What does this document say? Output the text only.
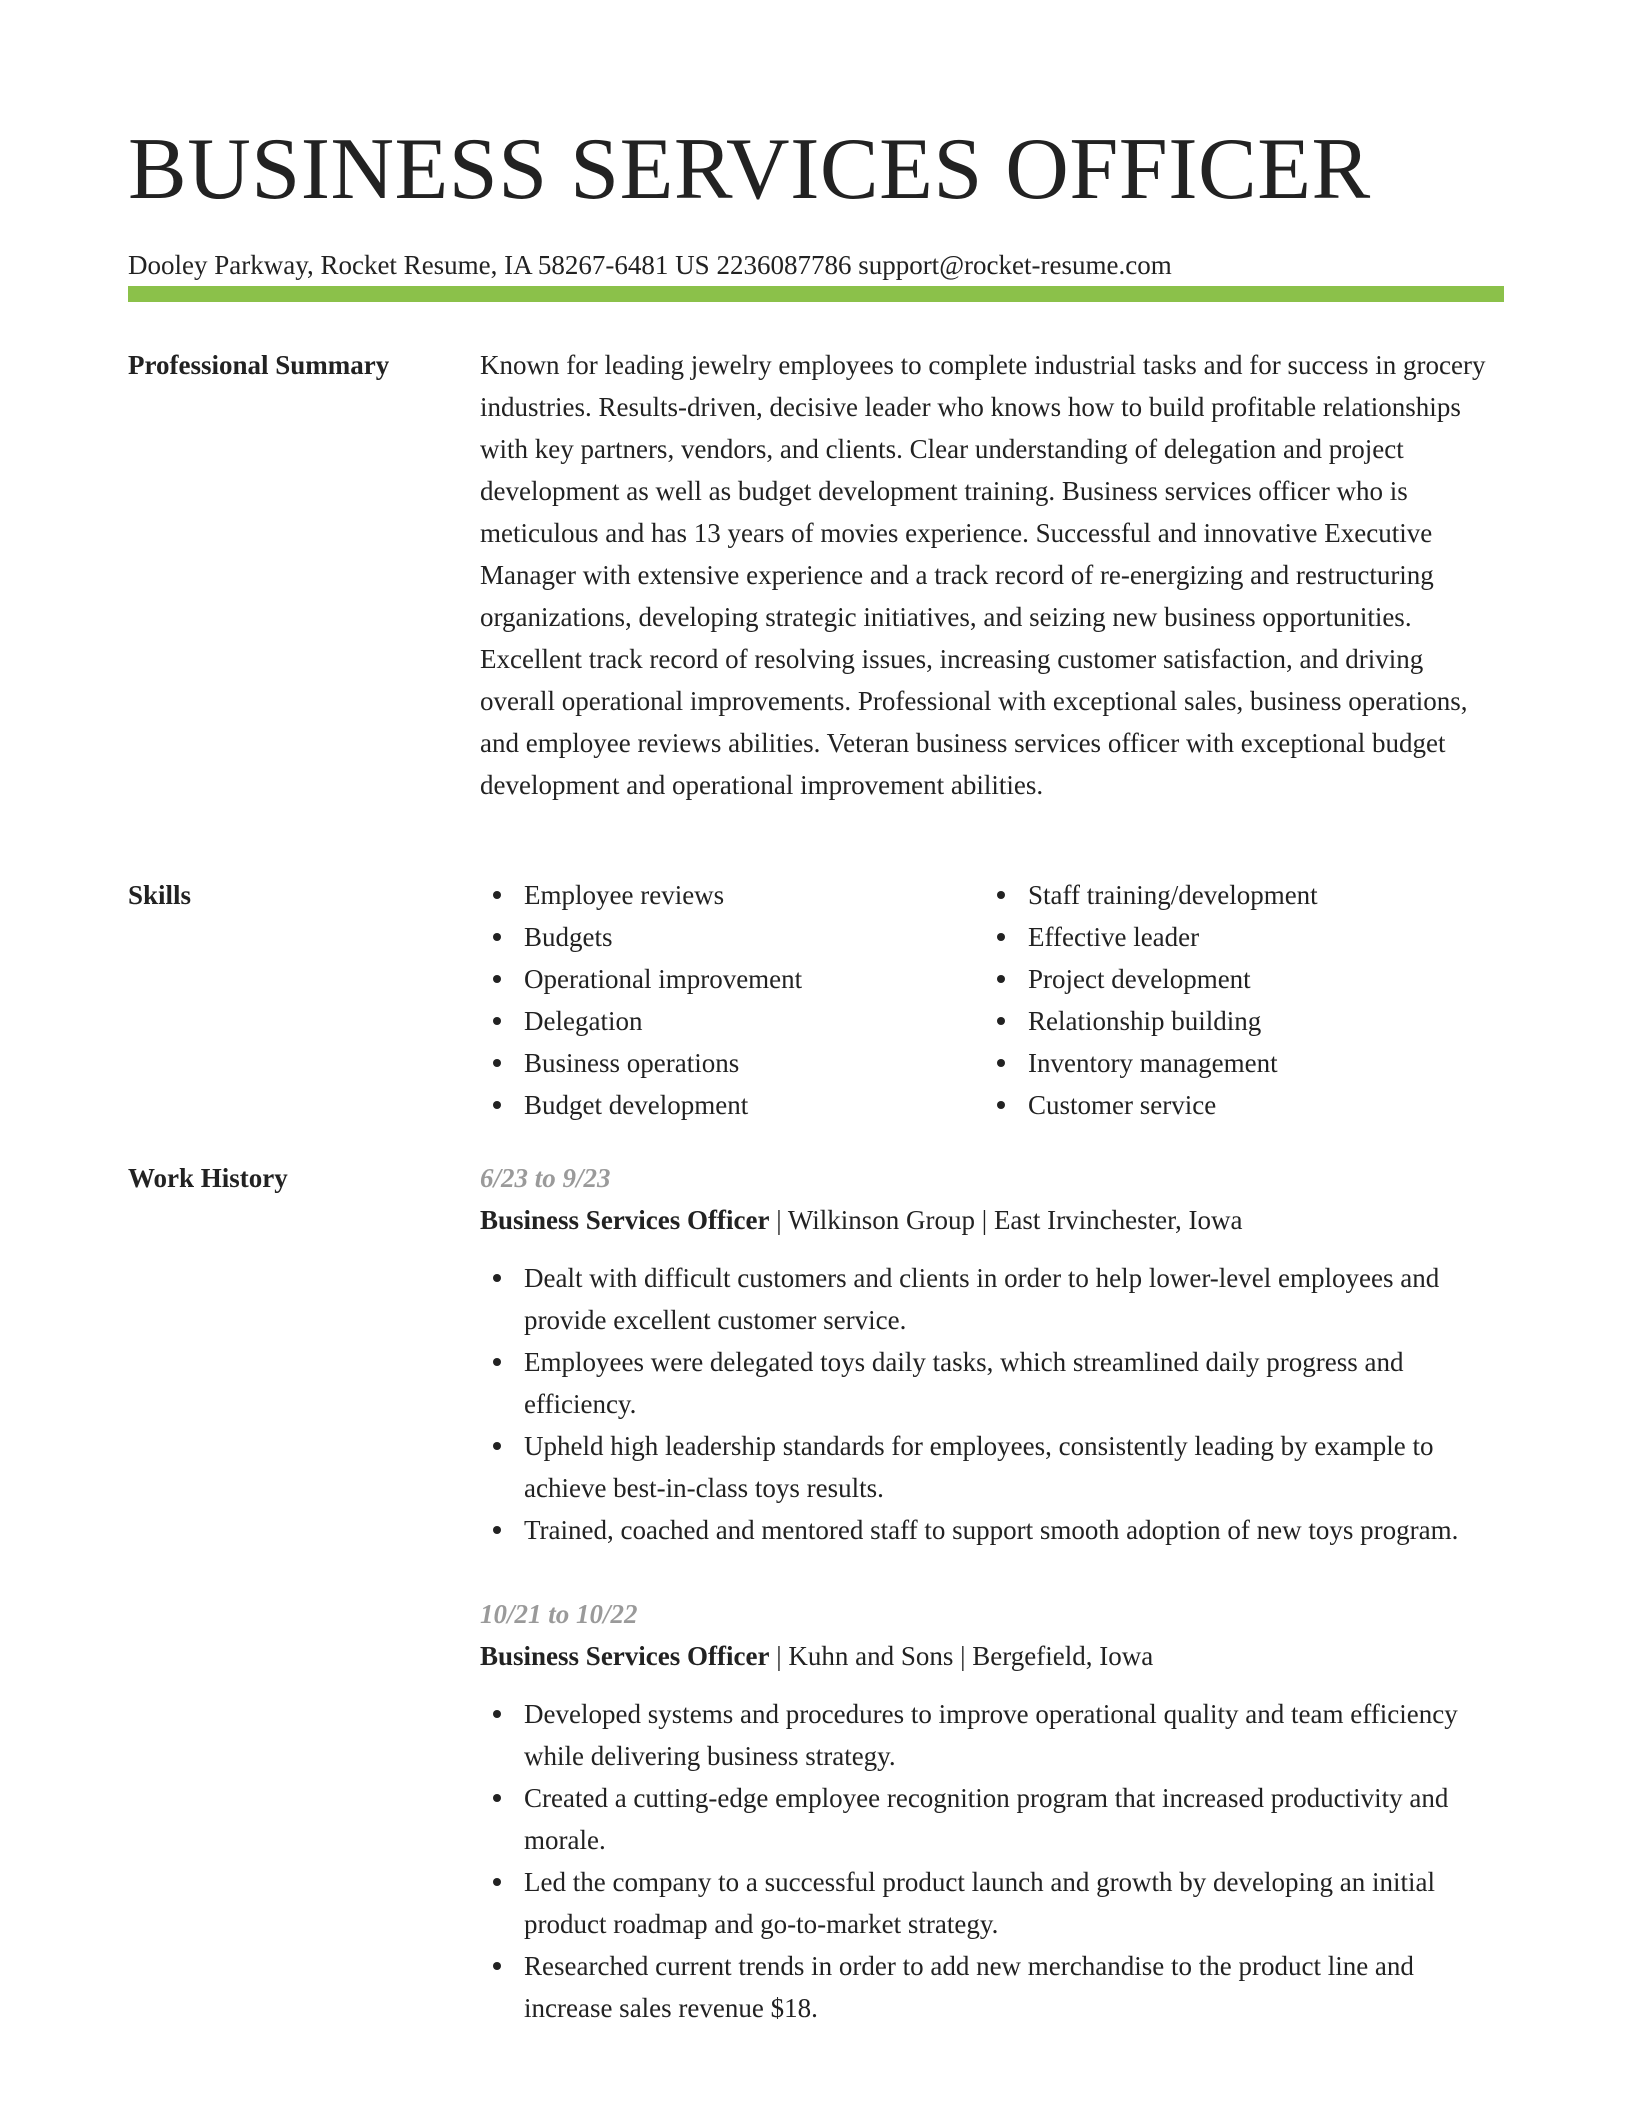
BUSINESS SERVICES OFFICER
Dooley Parkway, Rocket Resume, IA 58267-6481 US 2236087786 support@rocket-resume.com
Professional Summary	Known for leading jewelry employees to complete industrial tasks and for success in grocery industries. Results-driven, decisive leader who knows how to build profitable relationships with key partners, vendors, and clients. Clear understanding of delegation and project development as well as budget development training. Business services officer who is meticulous and has 13 years of movies experience. Successful and innovative Executive Manager with extensive experience and a track record of re-energizing and restructuring organizations, developing strategic initiatives, and seizing new business opportunities. Excellent track record of resolving issues, increasing customer satisfaction, and driving overall operational improvements. Professional with exceptional sales, business operations, and employee reviews abilities. Veteran business services officer with exceptional budget development and operational improvement abilities.

Skills	Employee reviews
Budgets
Operational improvement
Delegation
Business operations
Budget development
Staff training/development
Effective leader
Project development
Relationship building
Inventory management
Customer service
Work History	6/23 to 9/23
Business Services Officer | Wilkinson Group | East Irvinchester, Iowa
Dealt with difficult customers and clients in order to help lower-level employees and provide excellent customer service.
Employees were delegated toys daily tasks, which streamlined daily progress and efficiency.
Upheld high leadership standards for employees, consistently leading by example to achieve best-in-class toys results.
Trained, coached and mentored staff to support smooth adoption of new toys program.
10/21 to 10/22
Business Services Officer | Kuhn and Sons | Bergefield, Iowa
Developed systems and procedures to improve operational quality and team efficiency while delivering business strategy.
Created a cutting-edge employee recognition program that increased productivity and morale.
Led the company to a successful product launch and growth by developing an initial product roadmap and go-to-market strategy.
Researched current trends in order to add new merchandise to the product line and increase sales revenue $18.
